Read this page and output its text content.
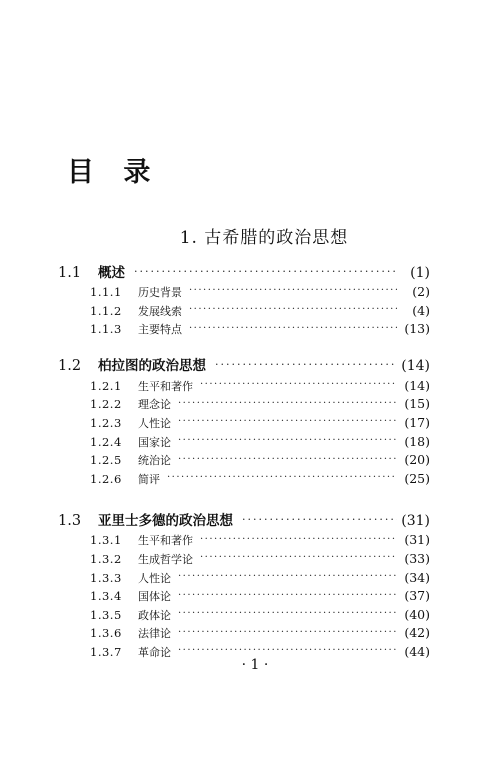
目 录
1. 古希腊的政治思想
1.1	概述 .....	(1)
1.1.1	历史背景 .....	(2)
1.1.2	发展线索 .....	(4)
1.1.3	主要特点 .....	(13)
1.2	柏拉图的政治思想 .....	(14)
1.2.1	生平和著作 .....	(14)
1.2.2	理念论 .....	(15)
1.2.3	人性论 .....	(17)
1.2.4	国家论 .....	(18)
1.2.5	统治论 .....	(20)
1.2.6	简评 .....	(25)
1.3	亚里士多德的政治思想 .....	(31)
1.3.1	生平和著作 .....	(31)
1.3.2	生成哲学论 .....	(33)
1.3.3	人性论 .....	(34)
1.3.4	国体论 .....	(37)
1.3.5	政体论 .....	(40)
1.3.6	法律论 .....	(42)
1.3.7	革命论 .....	(44)
· 1 ·
